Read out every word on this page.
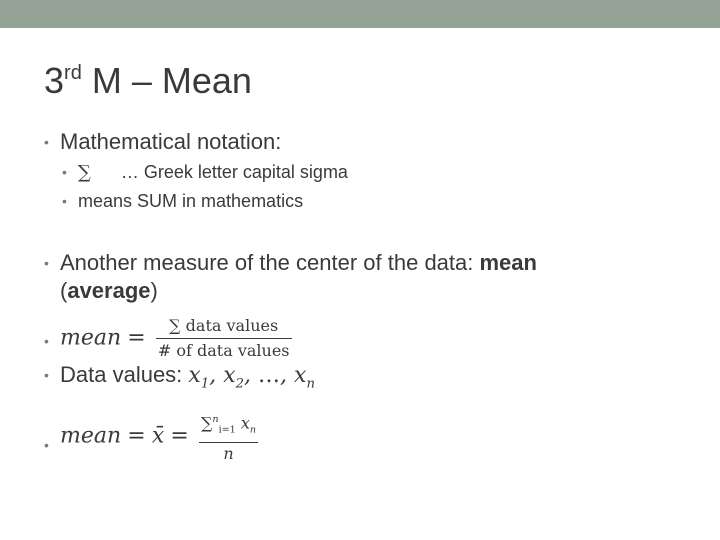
3rd M – Mean
• Mathematical notation:
• ∑ … Greek letter capital sigma
• means SUM in mathematics
• Another measure of the center of the data: mean
(average)
• mean = $\frac{\text{∑ data values}}{\text{\# of data values}}$
• Data values: $x_1$, $x_2$, …, $x_n$
• mean = x̄ = $\frac{\sum^n_{i=1} x_n}{n}$
